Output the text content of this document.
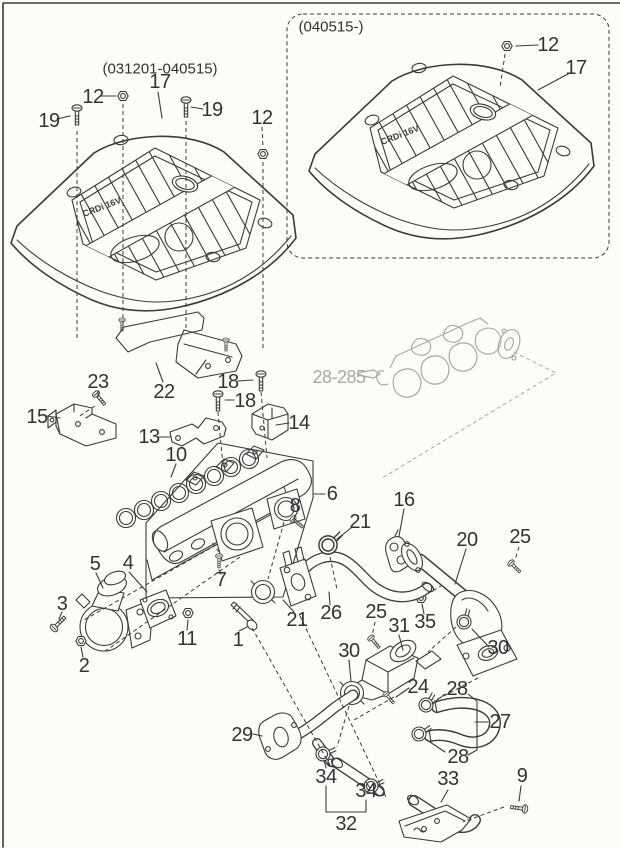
CRDi 16V
(031201-040515)
17
12
19	19 12
(040515-)
12
17
23
15
22 18
18
14
13
10
28-285
6
8
21
16
20 25
7
5 4
3
2
11 1
21 26 25
31 35
30	30
24 28
27
28
29
34
34
32
33	9
